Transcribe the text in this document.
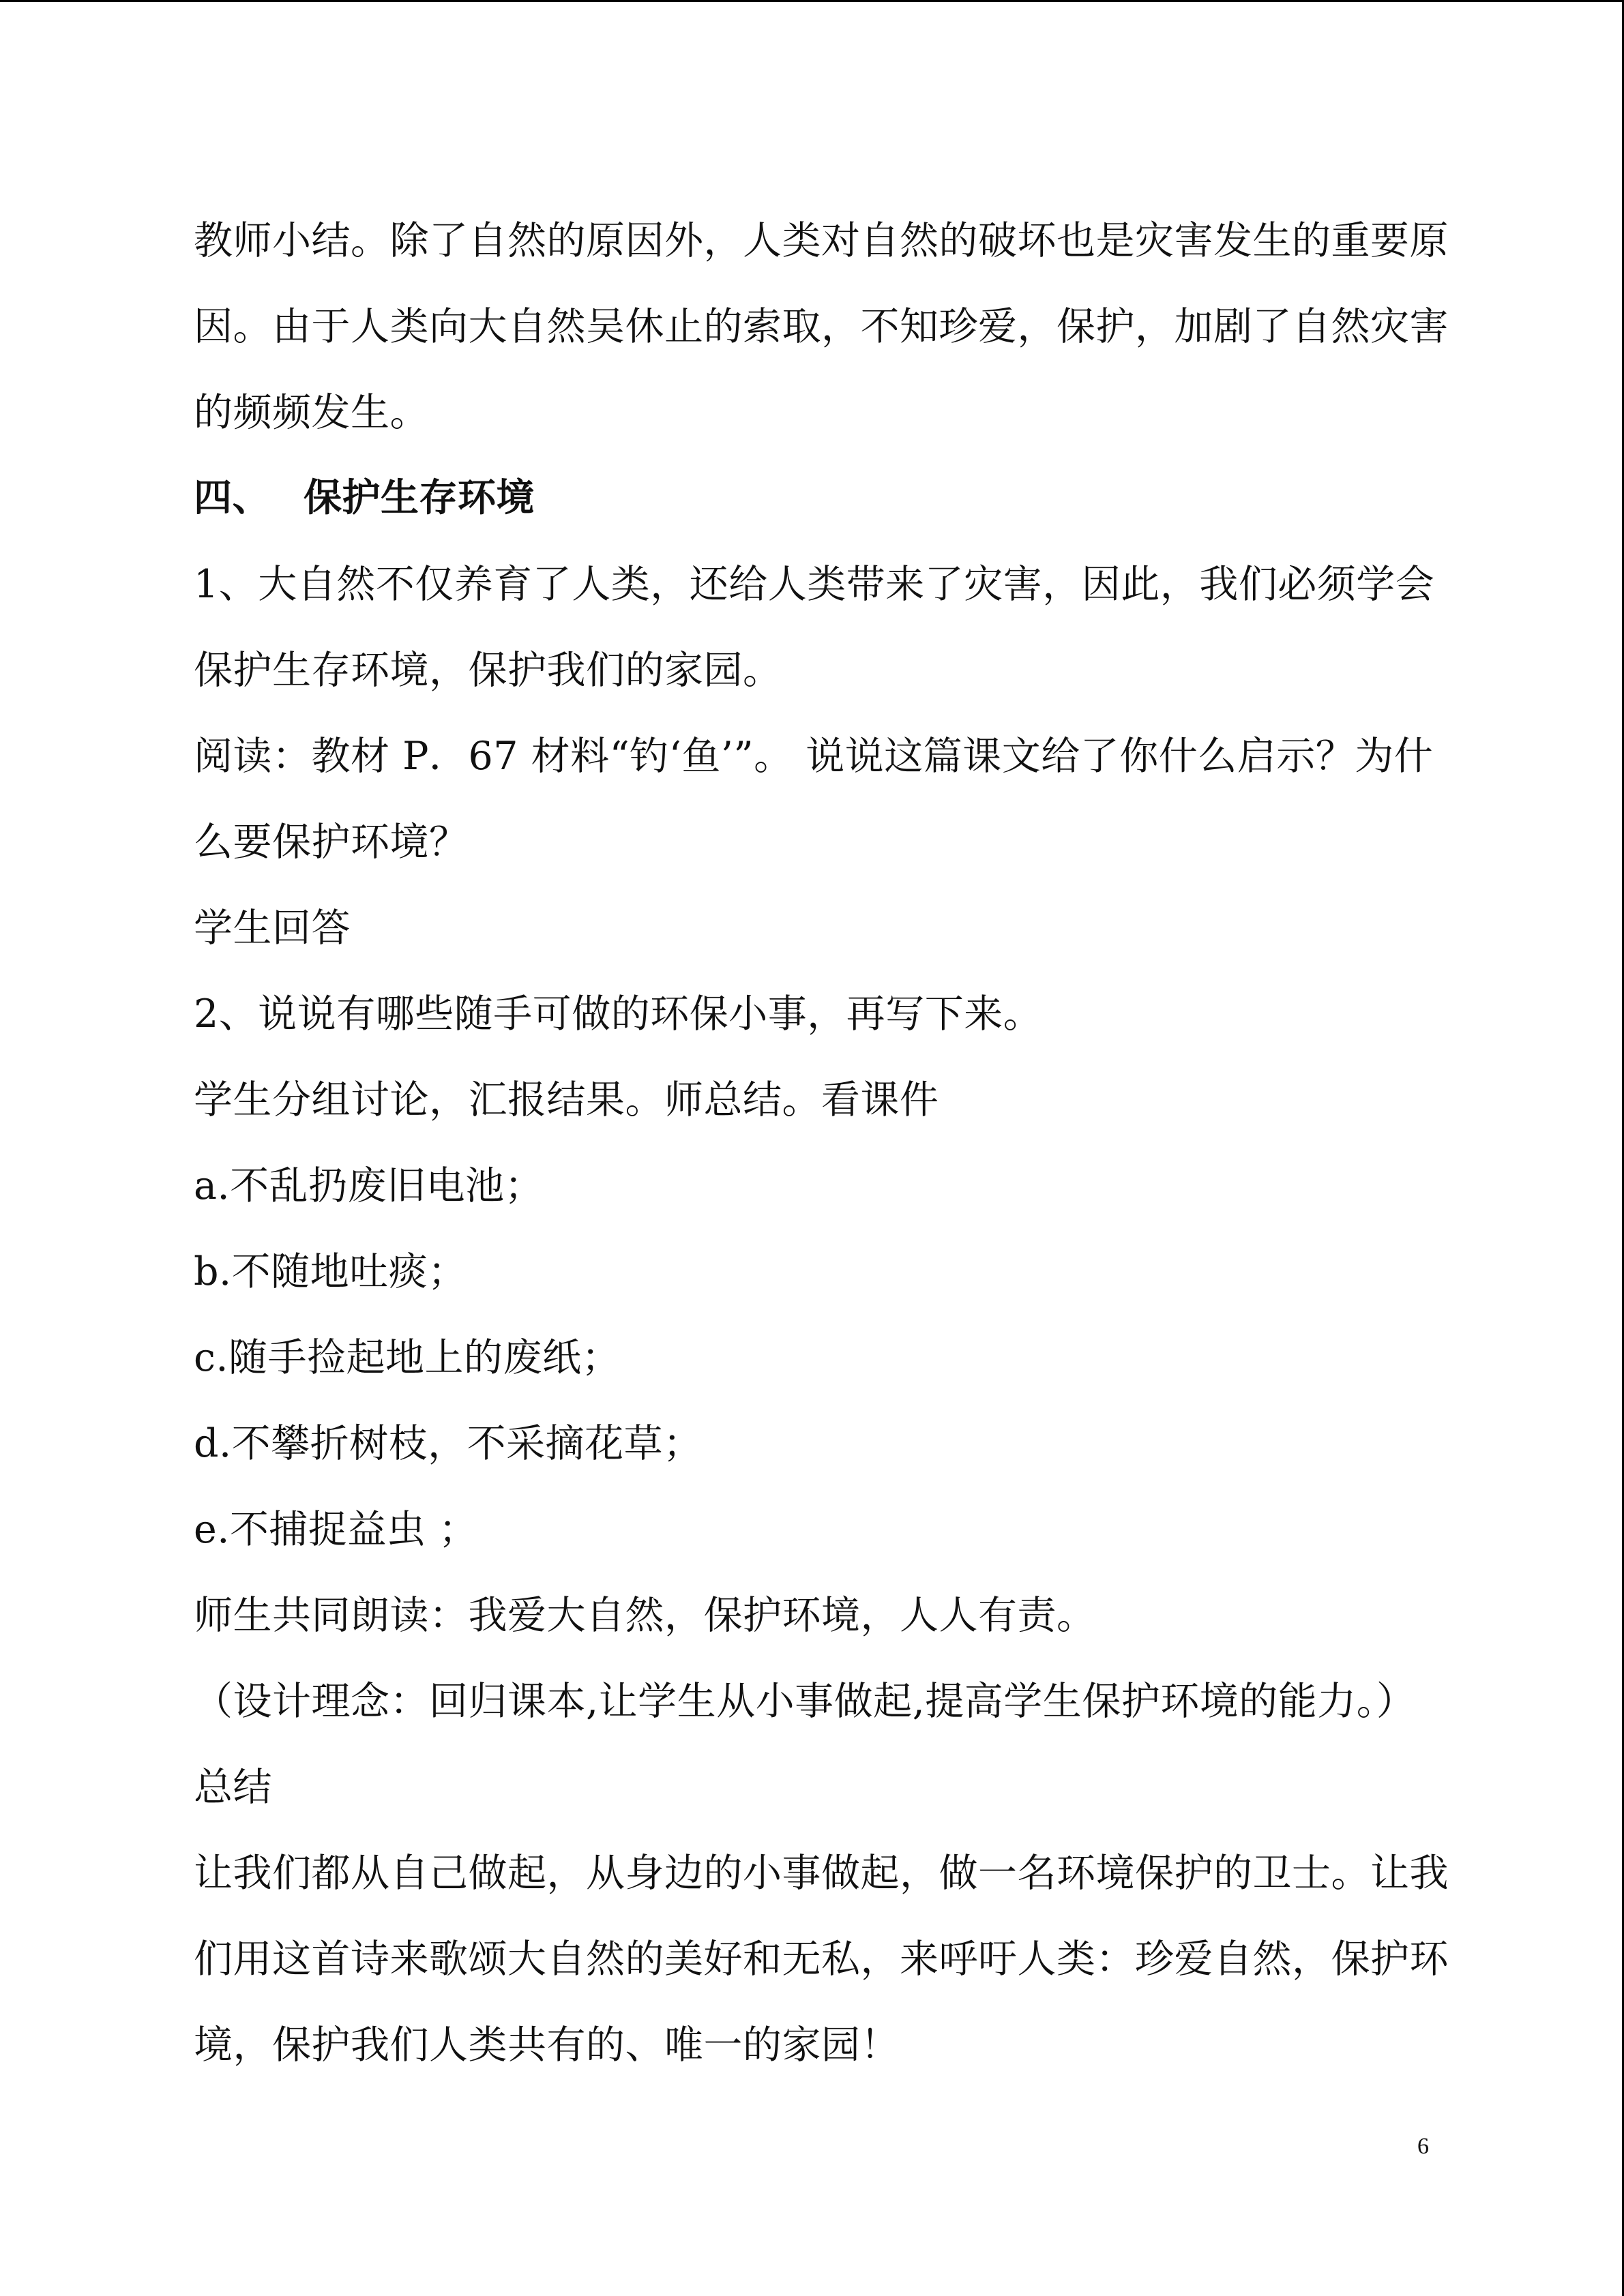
教师小结。除了自然的原因外，人类对自然的破坏也是灾害发生的重要原
因。由于人类向大自然吴休止的索取，不知珍爱，保护，加剧了自然灾害
的频频发生。
四、 保护生存环境
1、大自然不仅养育了人类，还给人类带来了灾害，因此，我们必须学会
保护生存环境，保护我们的家园。
阅读：教材 P．67 材料“钓‘鱼’”。 说说这篇课文给了你什么启示？为什
么要保护环境？
学生回答
2、说说有哪些随手可做的环保小事，再写下来。
学生分组讨论，汇报结果。师总结。看课件
a.不乱扔废旧电池；
b.不随地吐痰；
c.随手捡起地上的废纸；
d.不攀折树枝，不采摘花草；
e.不捕捉益虫 ；
师生共同朗读：我爱大自然，保护环境，人人有责。
（设计理念：回归课本,让学生从小事做起,提高学生保护环境的能力。）
总结
让我们都从自己做起，从身边的小事做起，做一名环境保护的卫士。让我
们用这首诗来歌颂大自然的美好和无私，来呼吁人类：珍爱自然，保护环
境，保护我们人类共有的、唯一的家园！
6
